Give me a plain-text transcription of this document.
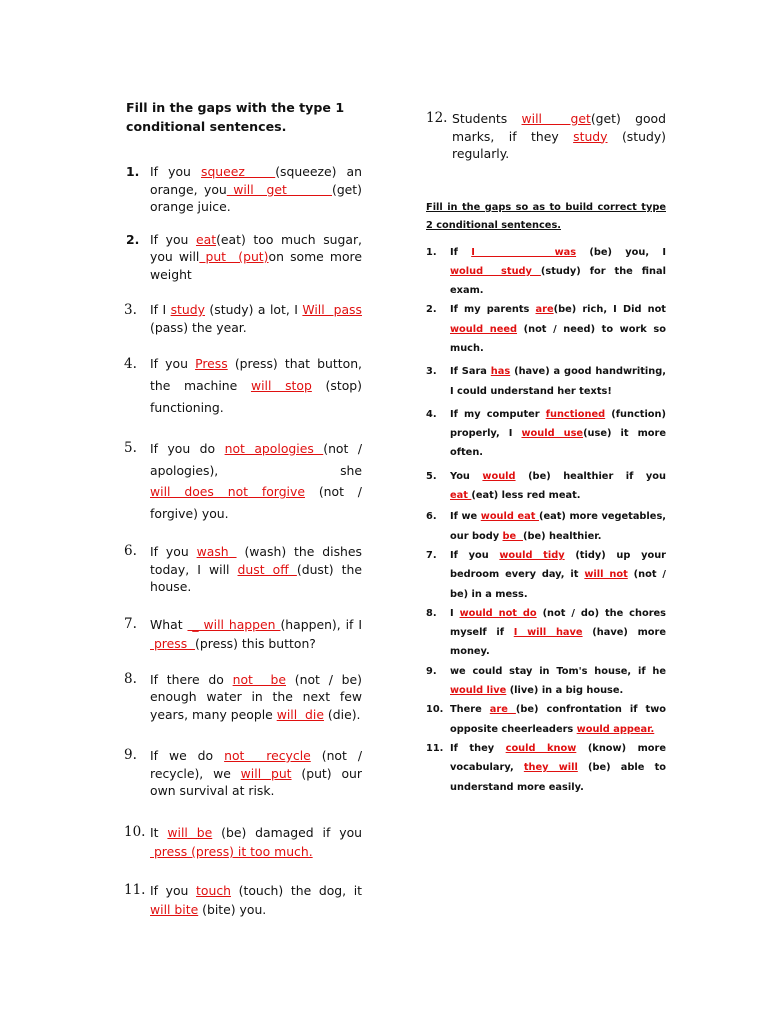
Fill in the gaps with the type 1 conditional sentences.

1. If you squeez   (squeeze) an orange, you will  get       (get) orange juice.
2. If you eat(eat) too much sugar, you will put  (put)on some more weight
3. If I study (study) a lot, I Will  pass (pass) the year.
4. If you Press (press) that button, the machine will stop (stop) functioning.
5. If you do not apologies (not / apologies), she will does not forgive (not / forgive) you.
6. If you wash  (wash) the dishes today, I will dust off (dust) the house.
7. What  _ will happen (happen), if I  press  (press) this button?
8. If there do not  be (not / be) enough water in the next few years, many people will  die (die).
9. If we do not  recycle (not / recycle), we will put (put) our own survival at risk.
10. It will be (be) damaged if you  press (press) it too much.
11. If you touch (touch) the dog, it will bite (bite) you.
12. Students will  get(get) good marks, if they study (study) regularly.

Fill in the gaps so as to build correct type 2 conditional sentences.

1. If I      was (be) you, I wolud  study (study) for the final exam.
2. If my parents are(be) rich, I Did not would need (not / need) to work so much.
3. If Sara has (have) a good handwriting, I could understand her texts!
4. If my computer functioned (function) properly, I would use(use) it more often.
5. You would (be) healthier if you eat (eat) less red meat.
6. If we would eat (eat) more vegetables, our body be  (be) healthier.
7. If you would tidy (tidy) up your bedroom every day, it will not (not / be) in a mess.
8. I would not do (not / do) the chores myself if I will have (have) more money.
9. we could stay in Tom's house, if he would live (live) in a big house.
10. There are (be) confrontation if two opposite cheerleaders would appear.
11. If they could know (know) more vocabulary, they will (be) able to understand more easily.
